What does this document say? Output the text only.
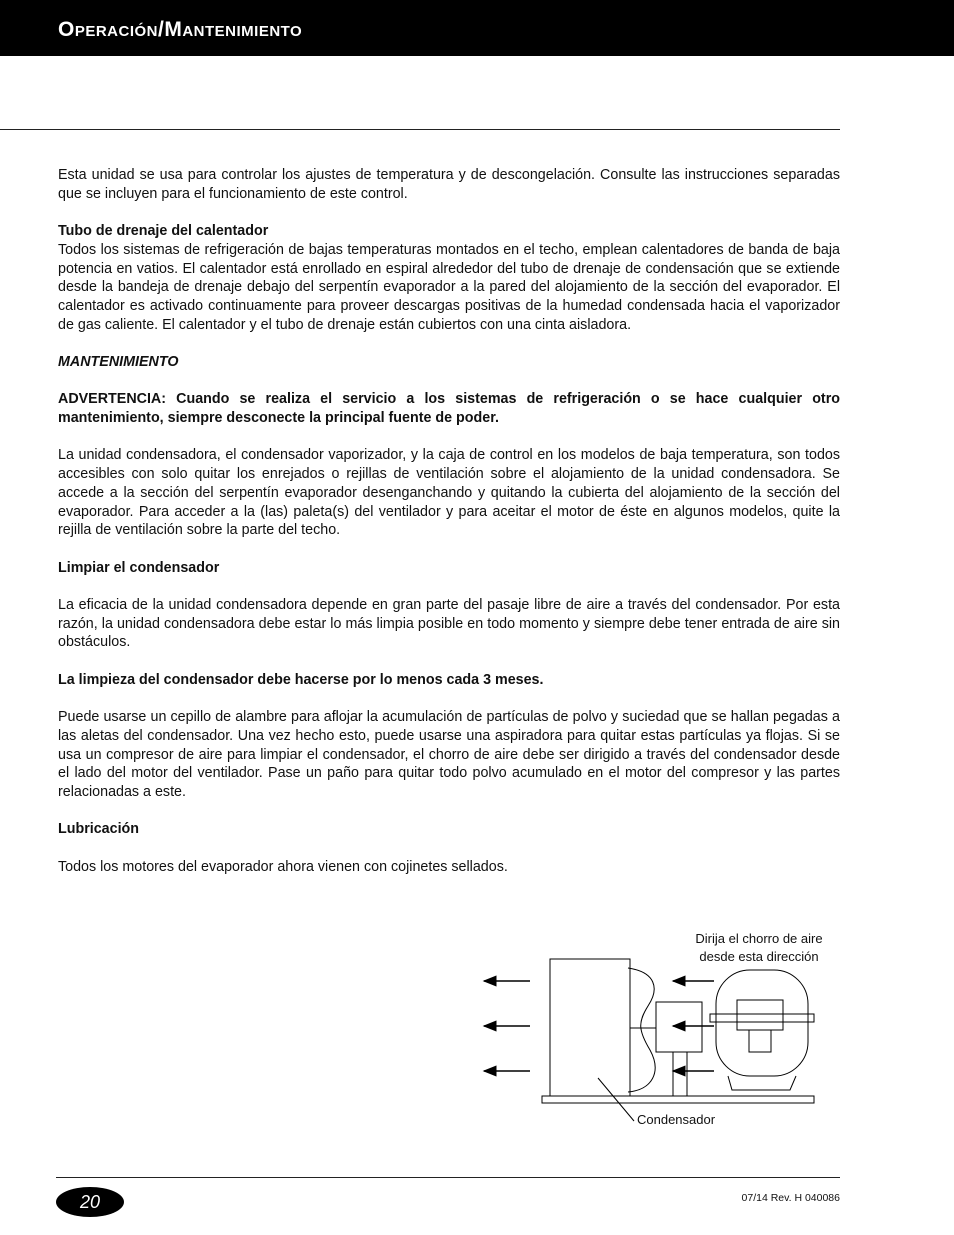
Operación/Mantenimiento

Esta unidad se usa para controlar los ajustes de temperatura y de descongelación. Consulte las instrucciones separadas que se incluyen para el funcionamiento de este control.

Tubo de drenaje del calentador

Todos los sistemas de refrigeración de bajas temperaturas montados en el techo, emplean calentadores de banda de baja potencia en vatios. El calentador está enrollado en espiral alrededor del tubo de drenaje de condensación que se extiende desde la bandeja de drenaje debajo del serpentín evaporador a la pared del alojamiento de la sección del evaporador. El calentador es activado continuamente para proveer descargas positivas de la humedad condensada hacia el vaporizador de gas caliente. El calentador y el tubo de drenaje están cubiertos con una cinta aisladora.

MANTENIMIENTO

ADVERTENCIA: Cuando se realiza el servicio a los sistemas de refrigeración o se hace cualquier otro mantenimiento, siempre desconecte la principal fuente de poder.

La unidad condensadora, el condensador vaporizador, y la caja de control en los modelos de baja temperatura, son todos accesibles con solo quitar los enrejados o rejillas de ventilación sobre el alojamiento de la unidad condensadora. Se accede a la sección del serpentín evaporador desenganchando y quitando la cubierta del alojamiento de la sección del evaporador. Para acceder a la (las) paleta(s) del ventilador y para aceitar el motor de éste en algunos modelos, quite la rejilla de ventilación sobre la parte del techo.

Limpiar el condensador

La eficacia de la unidad condensadora depende en gran parte del pasaje libre de aire a través del condensador. Por esta razón, la unidad condensadora debe estar lo más limpia posible en todo momento y siempre debe tener entrada de aire sin obstáculos.

La limpieza del condensador debe hacerse por lo menos cada 3 meses.

Puede usarse un cepillo de alambre para aflojar la acumulación de partículas de polvo y suciedad que se hallan pegadas a las aletas del condensador. Una vez hecho esto, puede usarse una aspiradora para quitar estas partículas ya flojas. Si se usa un compresor de aire para limpiar el condensador, el chorro de aire debe ser dirigido a través del condensador desde el lado del motor del ventilador. Pase un paño para quitar todo polvo acumulado en el motor del compresor y las partes relacionadas a este.

Lubricación

Todos los motores del evaporador ahora vienen con cojinetes sellados.

Dirija el chorro de aire
desde esta dirección
Condensador
20	07/14 Rev. H 040086
